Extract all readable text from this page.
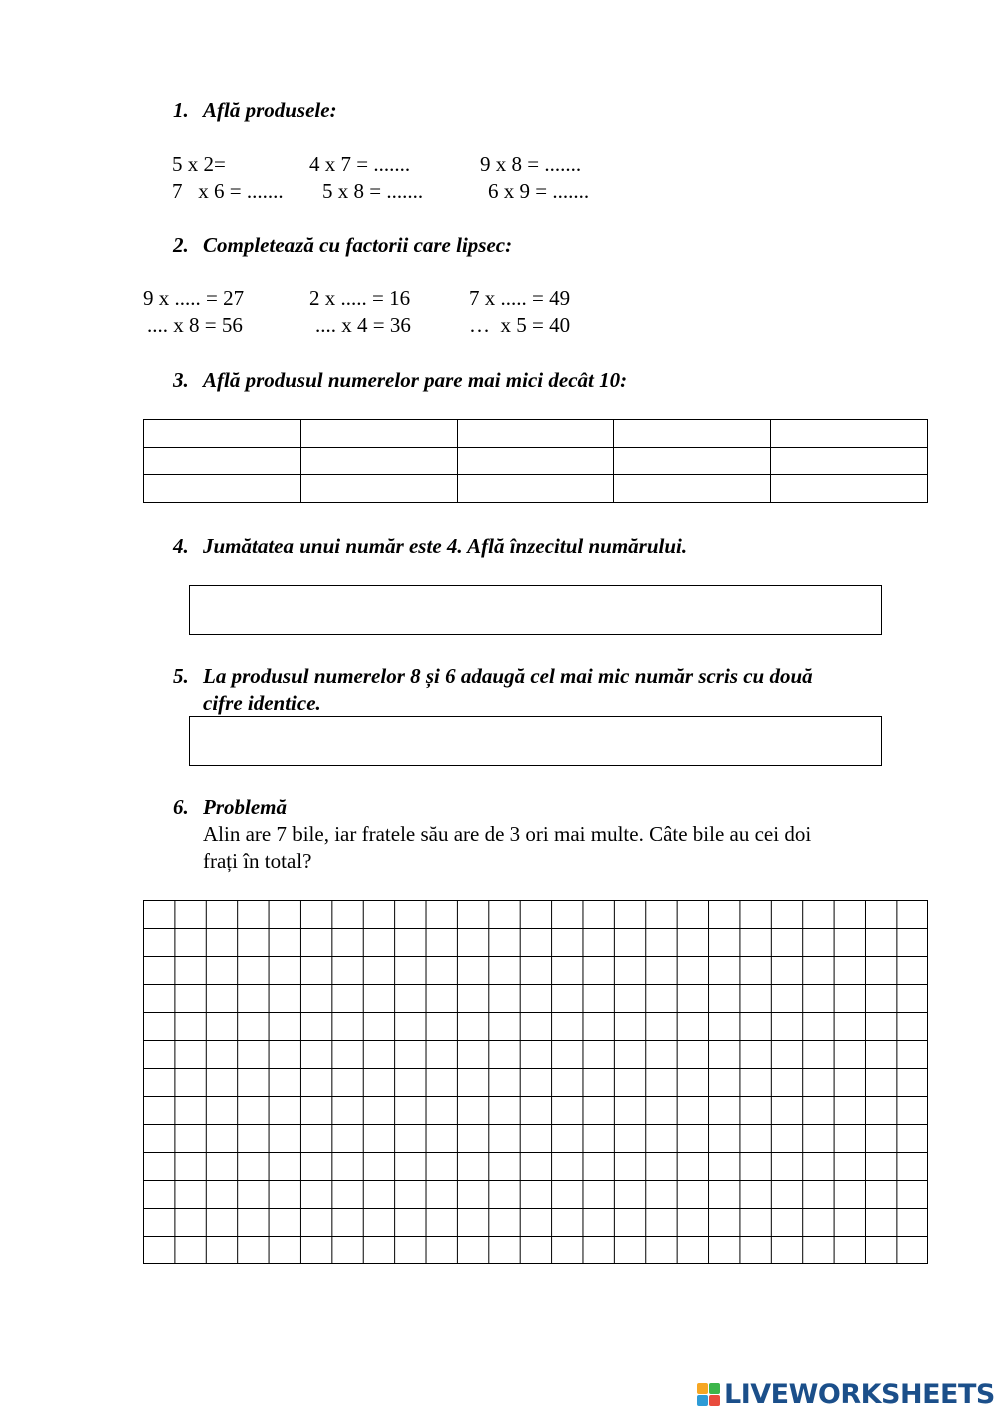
1. Află produsele:
5 x 2=	4 x 7 = .......	9 x 8 = .......
7   x 6 = ....... 5 x 8 = .......	6 x 9 = .......
2. Completează cu factorii care lipsec:
9 x ..... = 27	2 x ..... = 16	7 x ..... = 49
.... x 8 = 56	.... x 4 = 36	…  x 5 = 40
3. Află produsul numerelor pare mai mici decât 10:

4. Jumătatea unui număr este 4. Află înzecitul numărului.
5. La produsul numerelor 8 și 6 adaugă cel mai mic număr scris cu două
cifre identice.
6. Problemă
Alin are 7 bile, iar fratele său are de 3 ori mai multe. Câte bile au cei doi
frați în total?
LIVEWORKSHEETS
